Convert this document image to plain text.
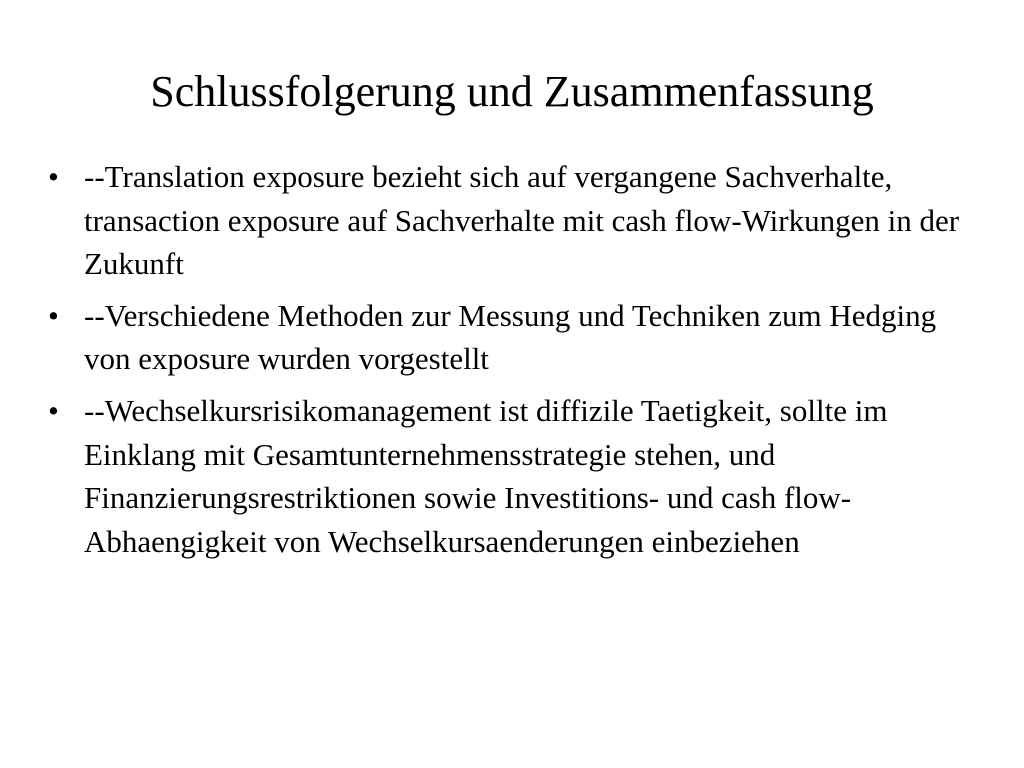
Schlussfolgerung und Zusammenfassung
• --Translation exposure bezieht sich auf vergangene Sachverhalte, transaction exposure auf Sachverhalte mit cash flow-Wirkungen in der Zukunft
• --Verschiedene Methoden zur Messung und Techniken zum Hedging von exposure wurden vorgestellt
• --Wechselkursrisikomanagement ist diffizile Taetigkeit, sollte im Einklang mit Gesamtunternehmensstrategie stehen, und Finanzierungsrestriktionen sowie Investitions- und cash flow-Abhaengigkeit von Wechselkursaenderungen einbeziehen
